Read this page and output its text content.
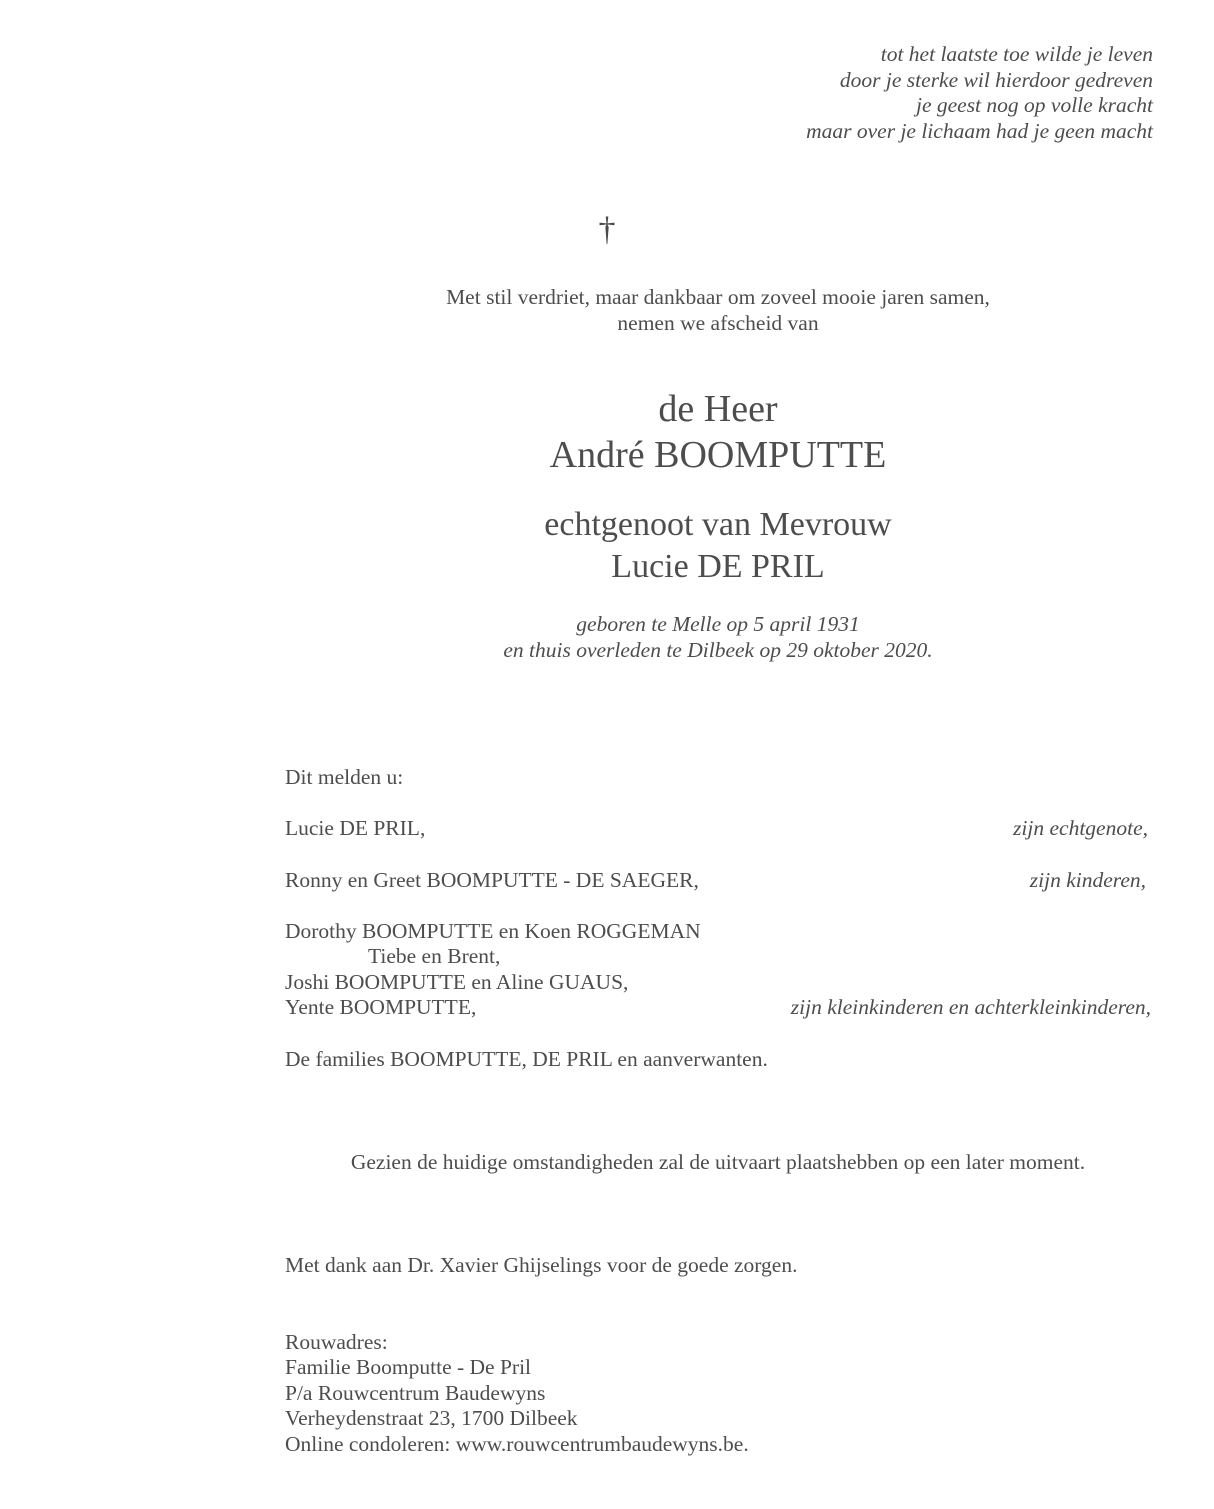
tot het laatste toe wilde je leven
door je sterke wil hierdoor gedreven
je geest nog op volle kracht
maar over je lichaam had je geen macht
†
Met stil verdriet, maar dankbaar om zoveel mooie jaren samen,
nemen we afscheid van
de Heer
André BOOMPUTTE
echtgenoot van Mevrouw
Lucie DE PRIL
geboren te Melle op 5 april 1931
en thuis overleden te Dilbeek op 29 oktober 2020.
Dit melden u:
Lucie DE PRIL,	zijn echtgenote,
Ronny en Greet BOOMPUTTE - DE SAEGER,	zijn kinderen,
Dorothy BOOMPUTTE en Koen ROGGEMAN
Tiebe en Brent,
Joshi BOOMPUTTE en Aline GUAUS,
Yente BOOMPUTTE,	zijn kleinkinderen en achterkleinkinderen,
De families BOOMPUTTE, DE PRIL en aanverwanten.
Gezien de huidige omstandigheden zal de uitvaart plaatshebben op een later moment.
Met dank aan Dr. Xavier Ghijselings voor de goede zorgen.
Rouwadres:
Familie Boomputte - De Pril
P/a Rouwcentrum Baudewyns
Verheydenstraat 23, 1700 Dilbeek
Online condoleren: www.rouwcentrumbaudewyns.be.
